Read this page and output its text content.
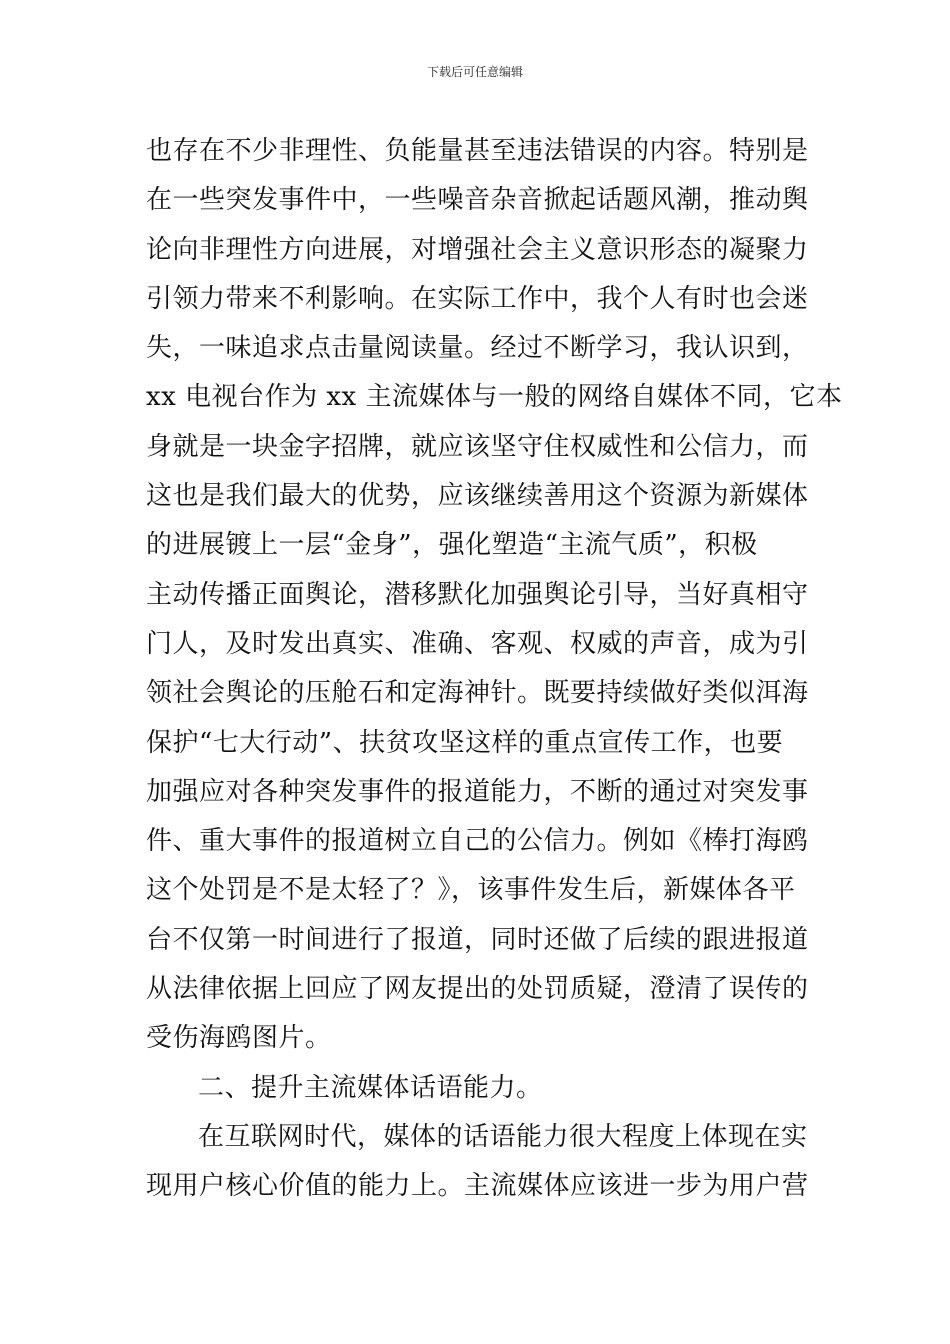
下载后可任意编辑
也存在不少非理性、负能量甚至违法错误的内容。特别是
在一些突发事件中，一些噪音杂音掀起话题风潮，推动舆
论向非理性方向进展，对增强社会主义意识形态的凝聚力
引领力带来不利影响。在实际工作中，我个人有时也会迷
失，一味追求点击量阅读量。经过不断学习，我认识到，
xx 电视台作为 xx 主流媒体与一般的网络自媒体不同，它本
身就是一块金字招牌，就应该坚守住权威性和公信力，而
这也是我们最大的优势，应该继续善用这个资源为新媒体
的进展镀上一层“金身”，强化塑造“主流气质”，积极
主动传播正面舆论，潜移默化加强舆论引导，当好真相守
门人，及时发出真实、准确、客观、权威的声音，成为引
领社会舆论的压舱石和定海神针。既要持续做好类似洱海
保护“七大行动”、扶贫攻坚这样的重点宣传工作，也要
加强应对各种突发事件的报道能力，不断的通过对突发事
件、重大事件的报道树立自己的公信力。例如《棒打海鸥
这个处罚是不是太轻了？》，该事件发生后，新媒体各平
台不仅第一时间进行了报道，同时还做了后续的跟进报道
从法律依据上回应了网友提出的处罚质疑，澄清了误传的
受伤海鸥图片。
二、提升主流媒体话语能力。
在互联网时代，媒体的话语能力很大程度上体现在实
现用户核心价值的能力上。主流媒体应该进一步为用户营
